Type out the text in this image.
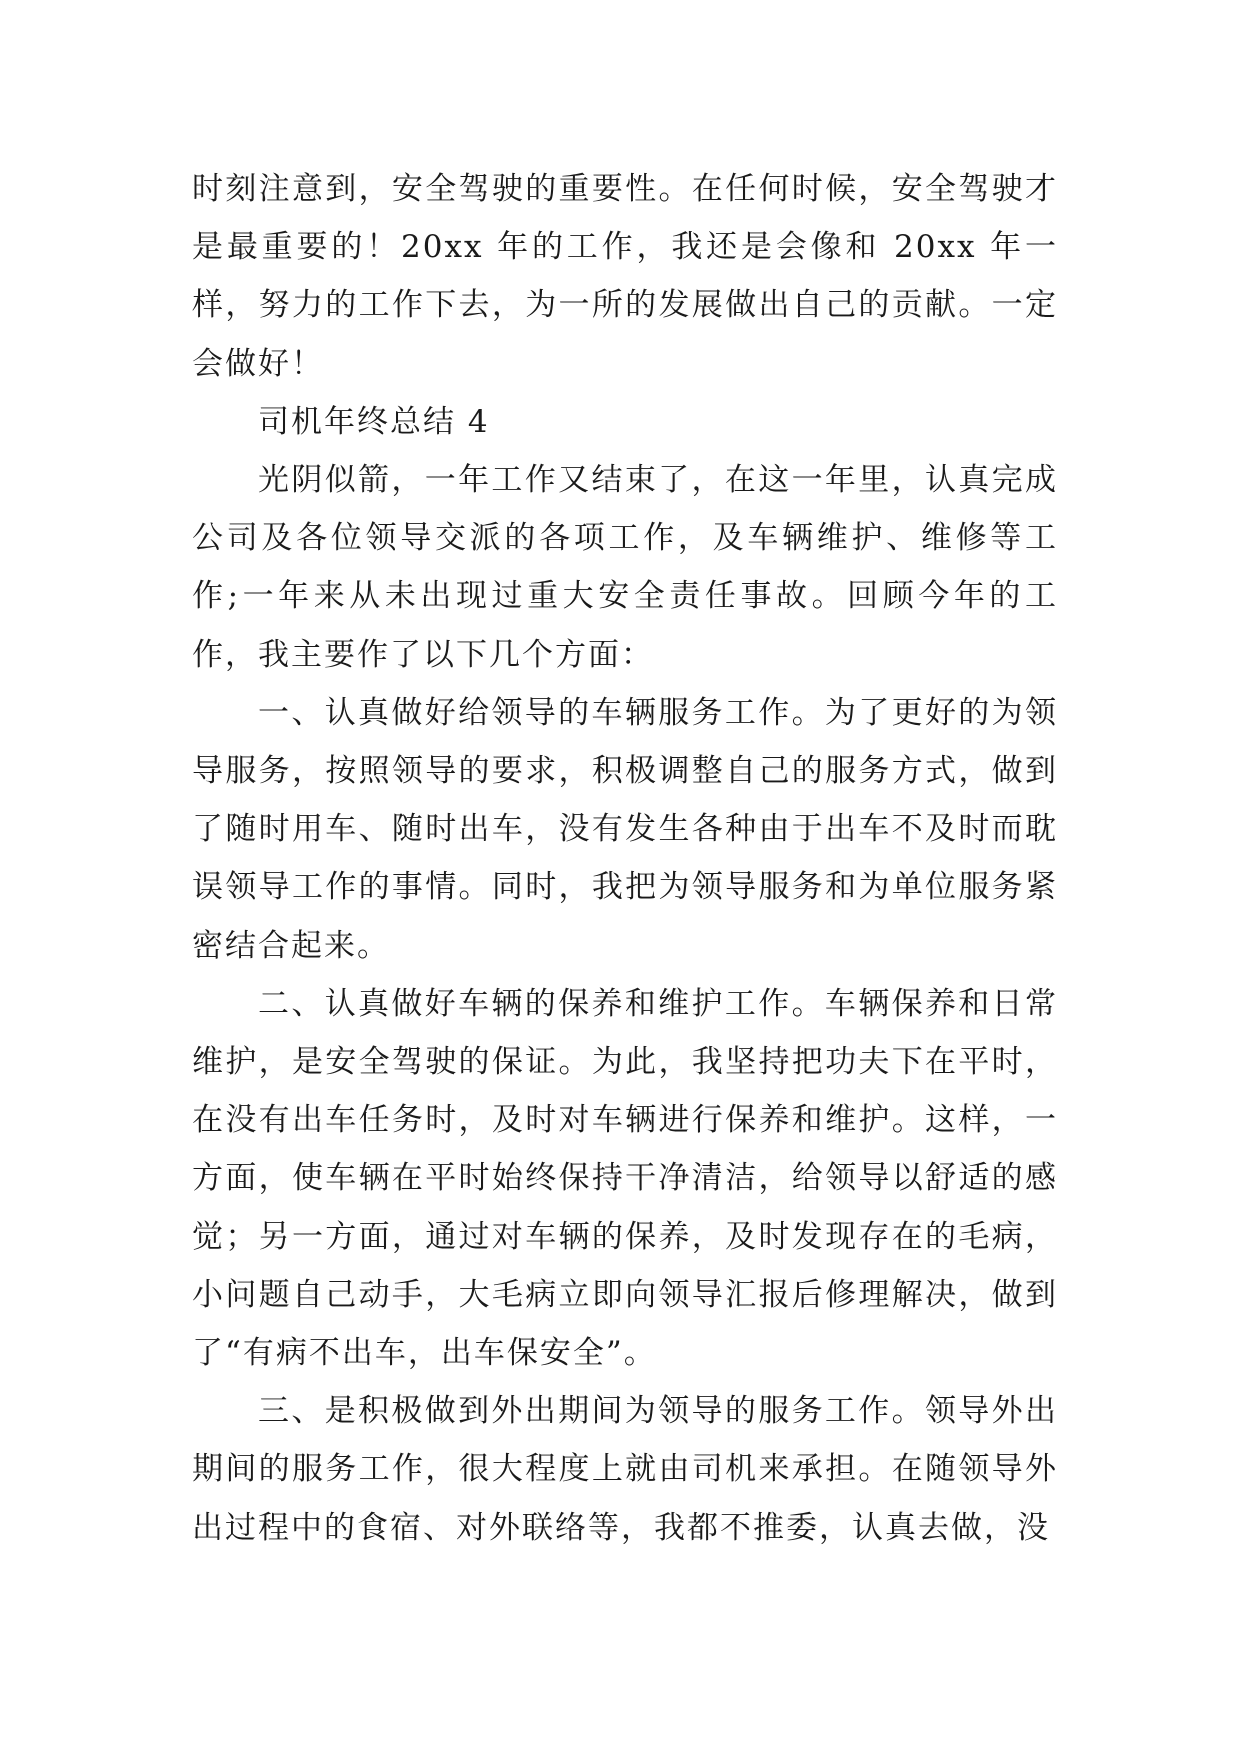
时刻注意到，安全驾驶的重要性。在任何时候，安全驾驶才是最重要的！20xx 年的工作，我还是会像和 20xx 年一样，努力的工作下去，为一所的发展做出自己的贡献。一定会做好！

司机年终总结 4

光阴似箭，一年工作又结束了，在这一年里，认真完成公司及各位领导交派的各项工作，及车辆维护、维修等工作;一年来从未出现过重大安全责任事故。回顾今年的工作，我主要作了以下几个方面：

一、认真做好给领导的车辆服务工作。为了更好的为领导服务，按照领导的要求，积极调整自己的服务方式，做到了随时用车、随时出车，没有发生各种由于出车不及时而耽误领导工作的事情。同时，我把为领导服务和为单位服务紧密结合起来。

二、认真做好车辆的保养和维护工作。车辆保养和日常维护，是安全驾驶的保证。为此，我坚持把功夫下在平时，在没有出车任务时，及时对车辆进行保养和维护。这样，一方面，使车辆在平时始终保持干净清洁，给领导以舒适的感觉；另一方面，通过对车辆的保养，及时发现存在的毛病，小问题自己动手，大毛病立即向领导汇报后修理解决，做到了“有病不出车，出车保安全”。

三、是积极做到外出期间为领导的服务工作。领导外出期间的服务工作，很大程度上就由司机来承担。在随领导外出过程中的食宿、对外联络等，我都不推委，认真去做，没
